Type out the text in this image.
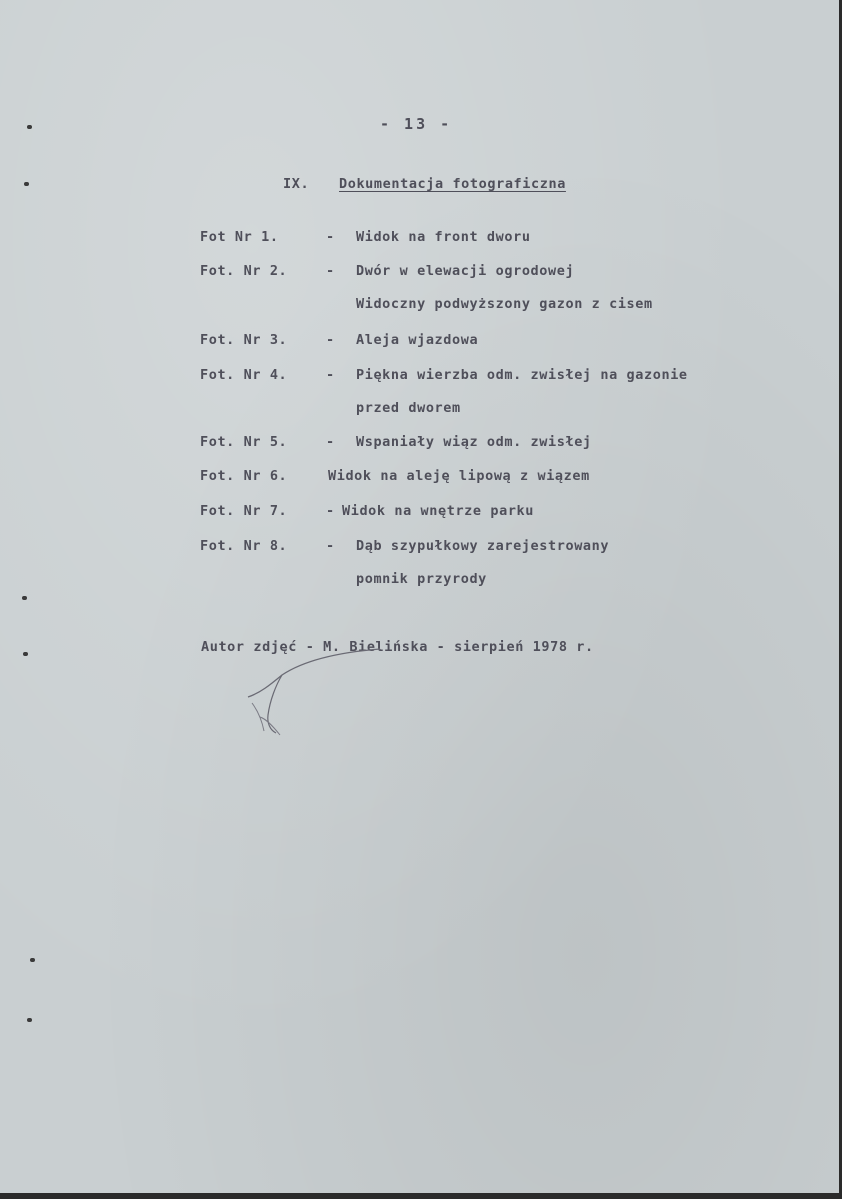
- 13 -
IX. Dokumentacja fotograficzna
Fot Nr 1.	- Widok na front dworu
Fot. Nr 2.	- Dwór w elewacji ogrodowej
Widoczny podwyższony gazon z cisem
Fot. Nr 3.	- Aleja wjazdowa
Fot. Nr 4.	- Piękna wierzba odm. zwisłej na gazonie
przed dworem
Fot. Nr 5.	- Wspaniały wiąz odm. zwisłej
Fot. Nr 6.	Widok na aleję lipową z wiązem
Fot. Nr 7.	- Widok na wnętrze parku
Fot. Nr 8.	- Dąb szypułkowy zarejestrowany
pomnik przyrody
Autor zdjęć - M. Bielińska - sierpień 1978 r.
